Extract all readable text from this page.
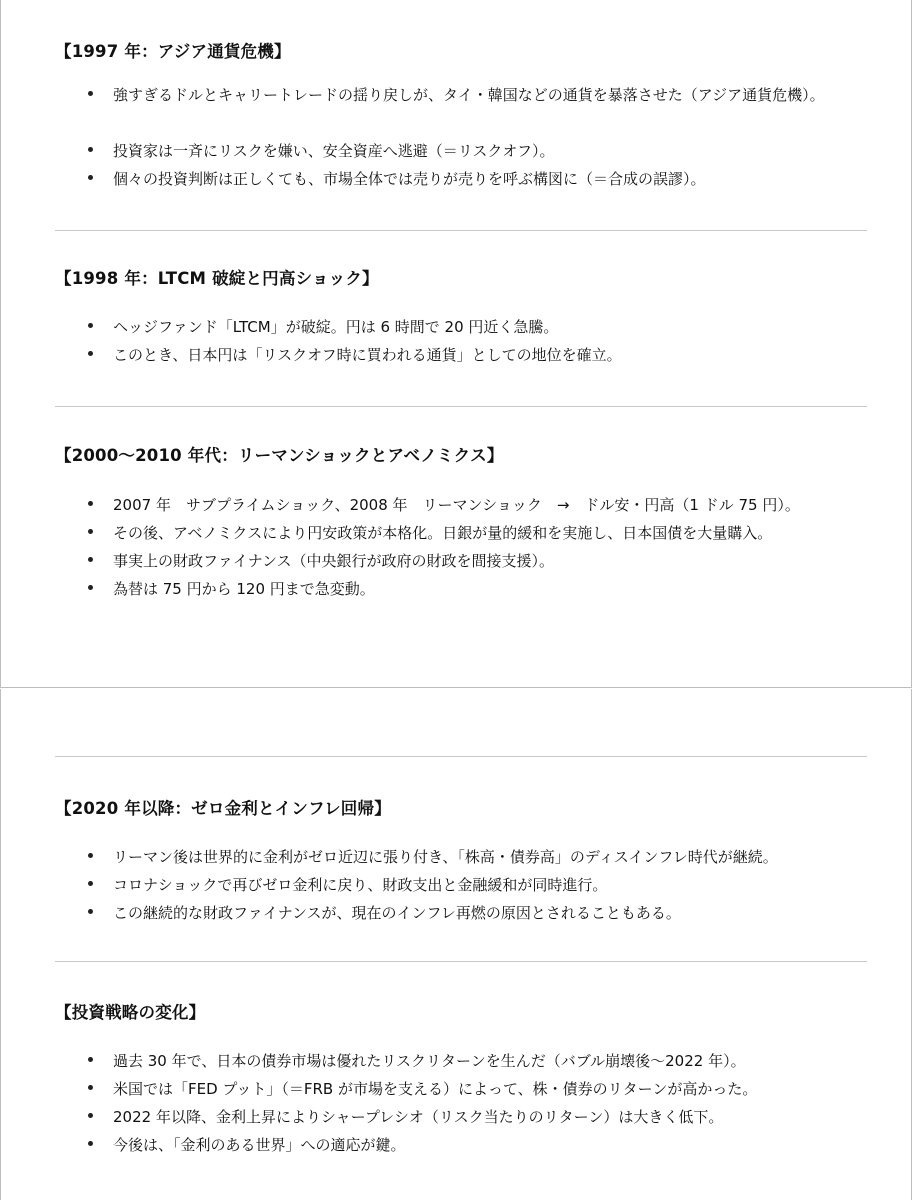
【1997 年：アジア通貨危機】
強すぎるドルとキャリートレードの揺り戻しが、タイ・韓国などの通貨を暴落させた（アジア通貨危機）。
投資家は一斉にリスクを嫌い、安全資産へ逃避（＝リスクオフ）。
個々の投資判断は正しくても、市場全体では売りが売りを呼ぶ構図に（＝合成の誤謬）。
【1998 年：LTCM 破綻と円高ショック】
ヘッジファンド「LTCM」が破綻。円は 6 時間で 20 円近く急騰。
このとき、日本円は「リスクオフ時に買われる通貨」としての地位を確立。
【2000～2010 年代：リーマンショックとアベノミクス】
2007 年　サブプライムショック、2008 年　リーマンショック　→　ドル安・円高（1 ドル 75 円）。
その後、アベノミクスにより円安政策が本格化。日銀が量的緩和を実施し、日本国債を大量購入。
事実上の財政ファイナンス（中央銀行が政府の財政を間接支援）。
為替は 75 円から 120 円まで急変動。
【2020 年以降：ゼロ金利とインフレ回帰】
リーマン後は世界的に金利がゼロ近辺に張り付き、「株高・債券高」のディスインフレ時代が継続。
コロナショックで再びゼロ金利に戻り、財政支出と金融緩和が同時進行。
この継続的な財政ファイナンスが、現在のインフレ再燃の原因とされることもある。
【投資戦略の変化】
過去 30 年で、日本の債券市場は優れたリスクリターンを生んだ（バブル崩壊後～2022 年）。
米国では「FED プット」（＝FRB が市場を支える）によって、株・債券のリターンが高かった。
2022 年以降、金利上昇によりシャープレシオ（リスク当たりのリターン）は大きく低下。
今後は、「金利のある世界」への適応が鍵。
